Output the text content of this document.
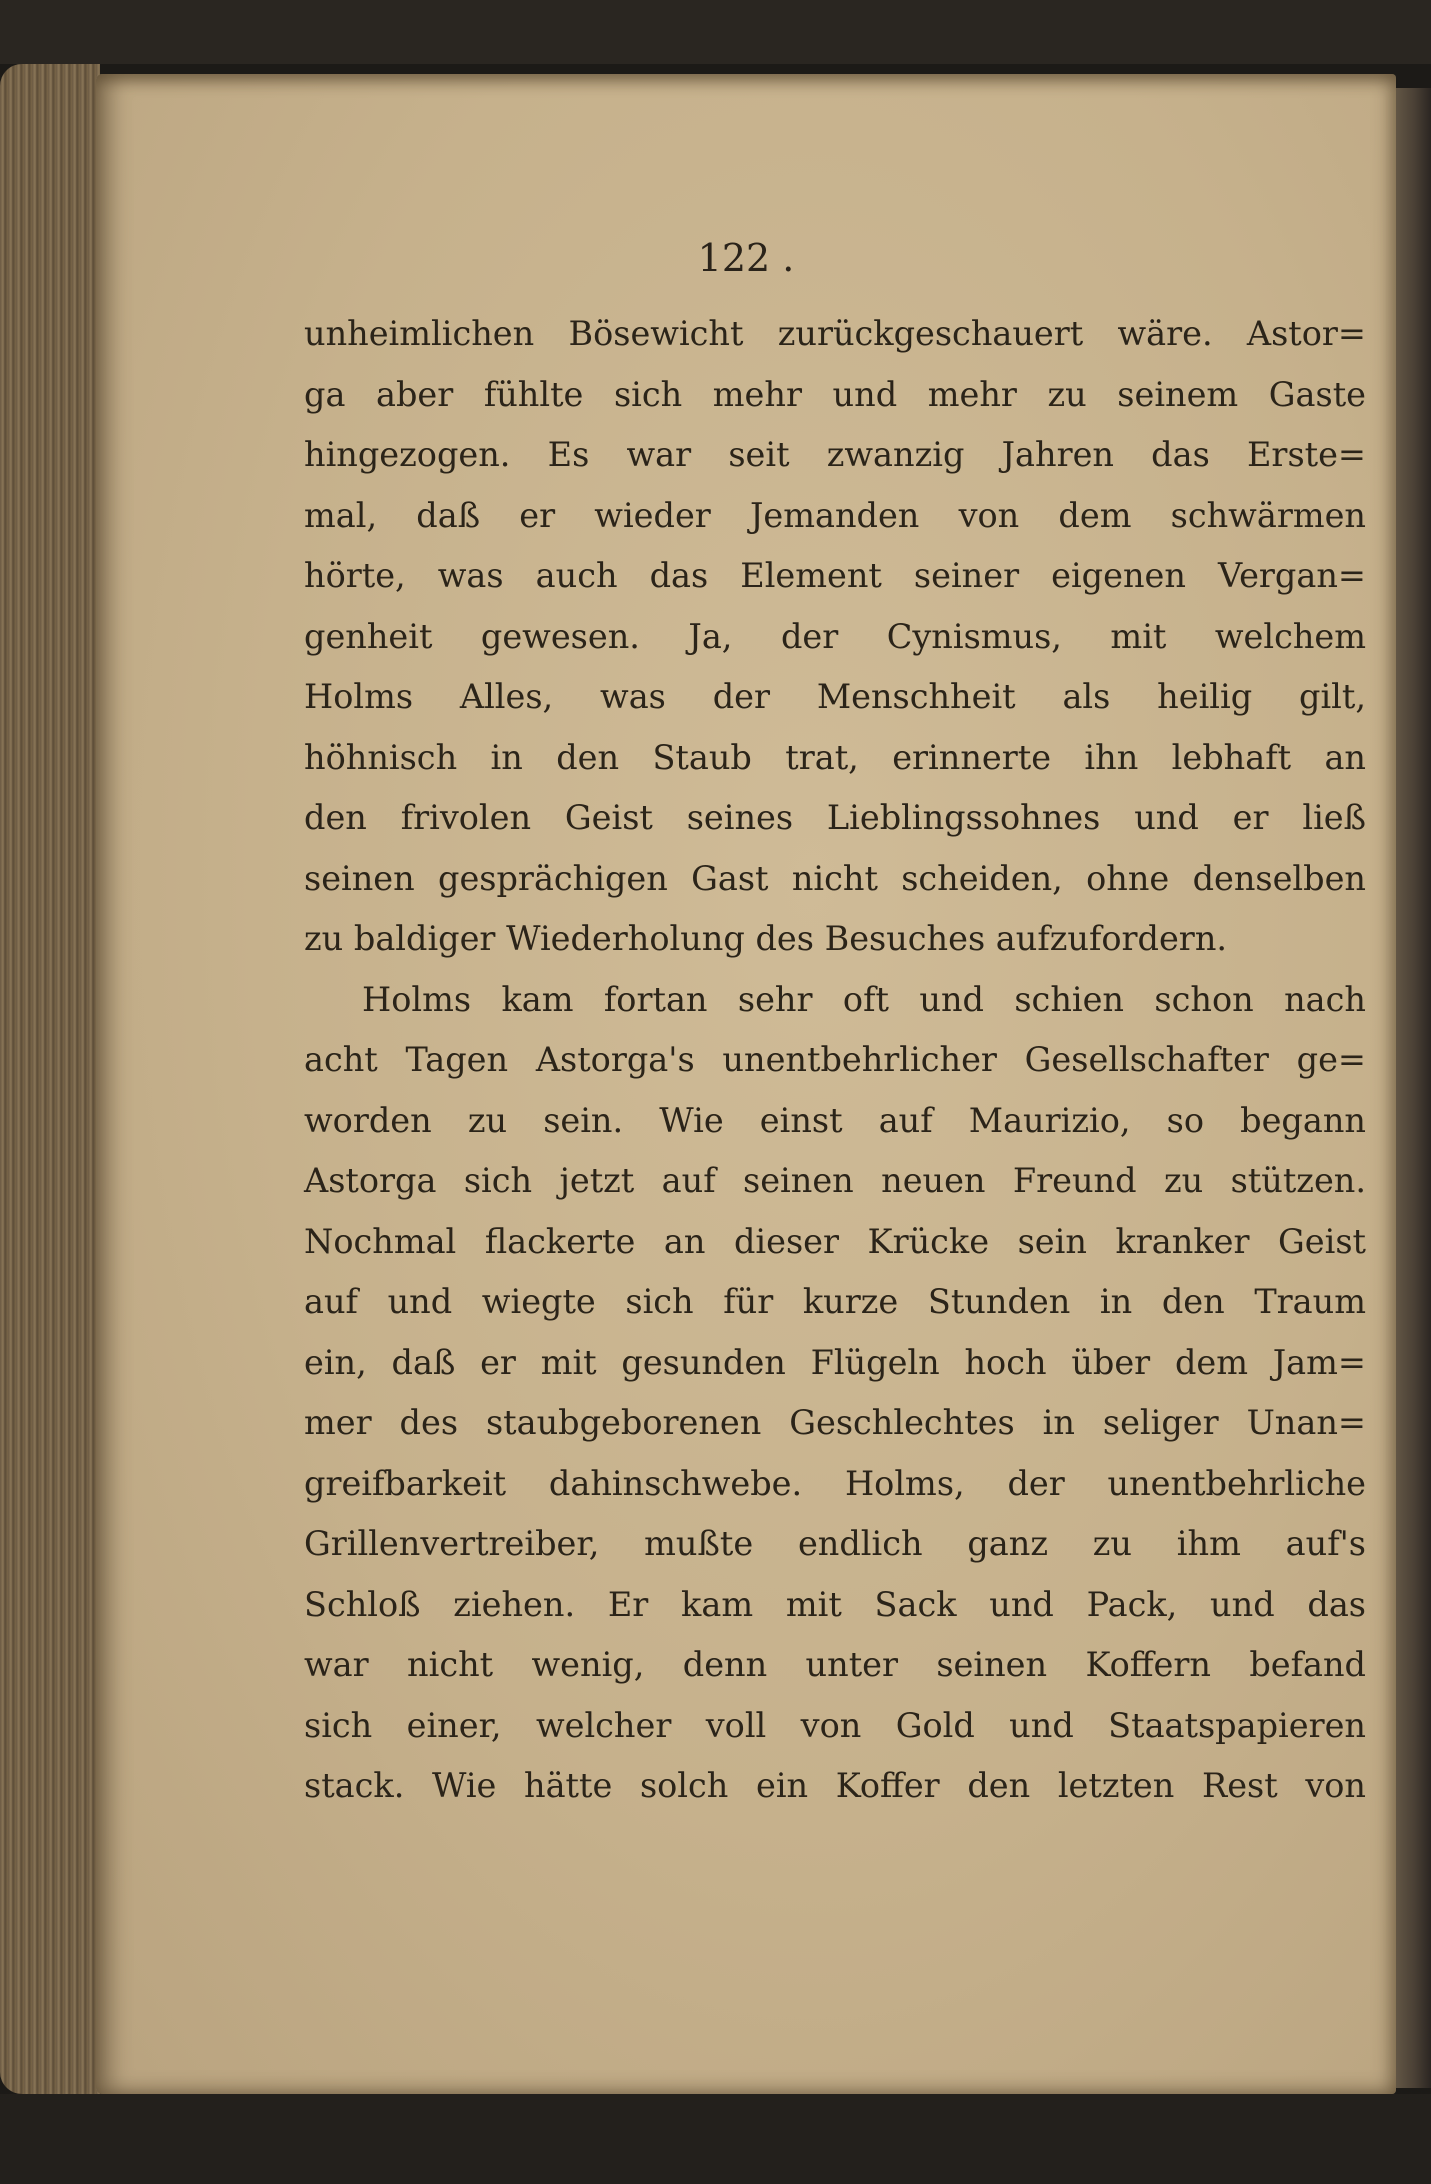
122 .
unheimlichen Bösewicht zurückgeschauert wäre. Astor=
ga aber fühlte sich mehr und mehr zu seinem Gaste
hingezogen. Es war seit zwanzig Jahren das Erste=
mal, daß er wieder Jemanden von dem schwärmen
hörte, was auch das Element seiner eigenen Vergan=
genheit gewesen. Ja, der Cynismus, mit welchem
Holms Alles, was der Menschheit als heilig gilt,
höhnisch in den Staub trat, erinnerte ihn lebhaft an
den frivolen Geist seines Lieblingssohnes und er ließ
seinen gesprächigen Gast nicht scheiden, ohne denselben
zu baldiger Wiederholung des Besuches aufzufordern.
Holms kam fortan sehr oft und schien schon nach
acht Tagen Astorga's unentbehrlicher Gesellschafter ge=
worden zu sein. Wie einst auf Maurizio, so begann
Astorga sich jetzt auf seinen neuen Freund zu stützen.
Nochmal flackerte an dieser Krücke sein kranker Geist
auf und wiegte sich für kurze Stunden in den Traum
ein, daß er mit gesunden Flügeln hoch über dem Jam=
mer des staubgeborenen Geschlechtes in seliger Unan=
greifbarkeit dahinschwebe. Holms, der unentbehrliche
Grillenvertreiber, mußte endlich ganz zu ihm auf's
Schloß ziehen. Er kam mit Sack und Pack, und das
war nicht wenig, denn unter seinen Koffern befand
sich einer, welcher voll von Gold und Staatspapieren
stack. Wie hätte solch ein Koffer den letzten Rest von
